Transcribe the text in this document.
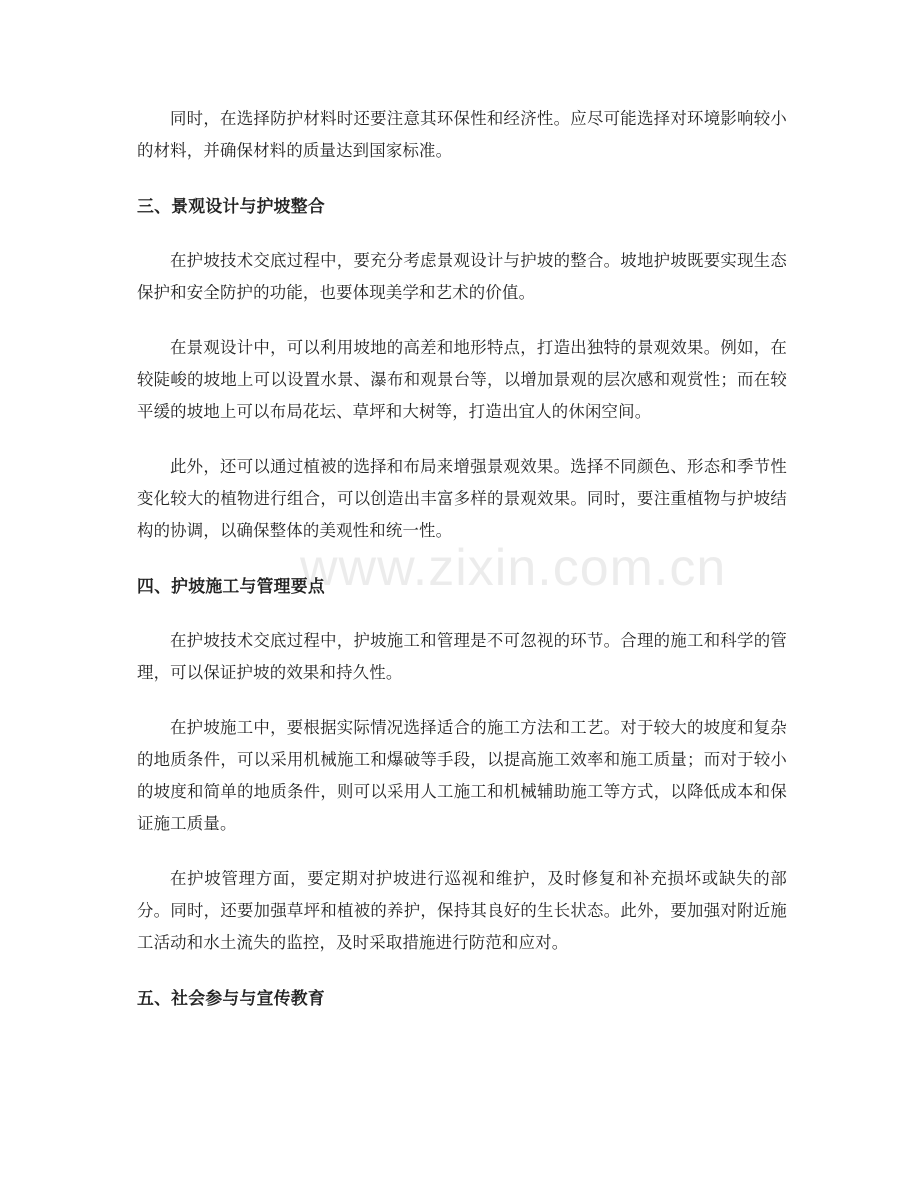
同时，在选择防护材料时还要注意其环保性和经济性。应尽可能选择对环境影响较小的材料，并确保材料的质量达到国家标准。

三、景观设计与护坡整合

在护坡技术交底过程中，要充分考虑景观设计与护坡的整合。坡地护坡既要实现生态保护和安全防护的功能，也要体现美学和艺术的价值。

在景观设计中，可以利用坡地的高差和地形特点，打造出独特的景观效果。例如，在较陡峻的坡地上可以设置水景、瀑布和观景台等，以增加景观的层次感和观赏性；而在较平缓的坡地上可以布局花坛、草坪和大树等，打造出宜人的休闲空间。

此外，还可以通过植被的选择和布局来增强景观效果。选择不同颜色、形态和季节性变化较大的植物进行组合，可以创造出丰富多样的景观效果。同时，要注重植物与护坡结构的协调，以确保整体的美观性和统一性。

四、护坡施工与管理要点

在护坡技术交底过程中，护坡施工和管理是不可忽视的环节。合理的施工和科学的管理，可以保证护坡的效果和持久性。

在护坡施工中，要根据实际情况选择适合的施工方法和工艺。对于较大的坡度和复杂的地质条件，可以采用机械施工和爆破等手段，以提高施工效率和施工质量；而对于较小的坡度和简单的地质条件，则可以采用人工施工和机械辅助施工等方式，以降低成本和保证施工质量。

在护坡管理方面，要定期对护坡进行巡视和维护，及时修复和补充损坏或缺失的部分。同时，还要加强草坪和植被的养护，保持其良好的生长状态。此外，要加强对附近施工活动和水土流失的监控，及时采取措施进行防范和应对。

五、社会参与与宣传教育
www.zixin.com.cn
